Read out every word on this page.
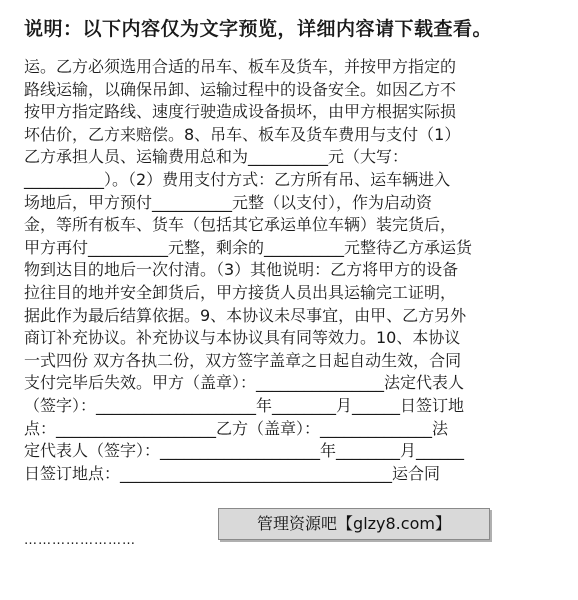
说明：以下内容仅为文字预览，详细内容请下载查看。
运。乙方必须选用合适的吊车、板车及货车，并按甲方指定的
路线运输，以确保吊卸、运输过程中的设备安全。如因乙方不
按甲方指定路线、速度行驶造成设备损坏，由甲方根据实际损
坏估价，乙方来赔偿。8、吊车、板车及货车费用与支付（1）
乙方承担人员、运输费用总和为__________元（大写：
__________）。（2）费用支付方式：乙方所有吊、运车辆进入
场地后，甲方预付__________元整（以支付），作为启动资
金，等所有板车、货车（包括其它承运单位车辆）装完货后，
甲方再付__________元整，剩余的__________元整待乙方承运货
物到达目的地后一次付清。（3）其他说明：乙方将甲方的设备
拉往目的地并安全卸货后，甲方接货人员出具运输完工证明，
据此作为最后结算依据。9、本协议未尽事宜，由甲、乙方另外
商订补充协议。补充协议与本协议具有同等效力。10、本协议
一式四份 双方各执二份，双方签字盖章之日起自动生效，合同
支付完毕后失效。甲方（盖章）：________________法定代表人
（签字）：____________________年________月______日签订地
点：____________________乙方（盖章）：______________法
定代表人（签字）：____________________年________月______
日签订地点：__________________________________运合同
……………………
管理资源吧【glzy8.com】
